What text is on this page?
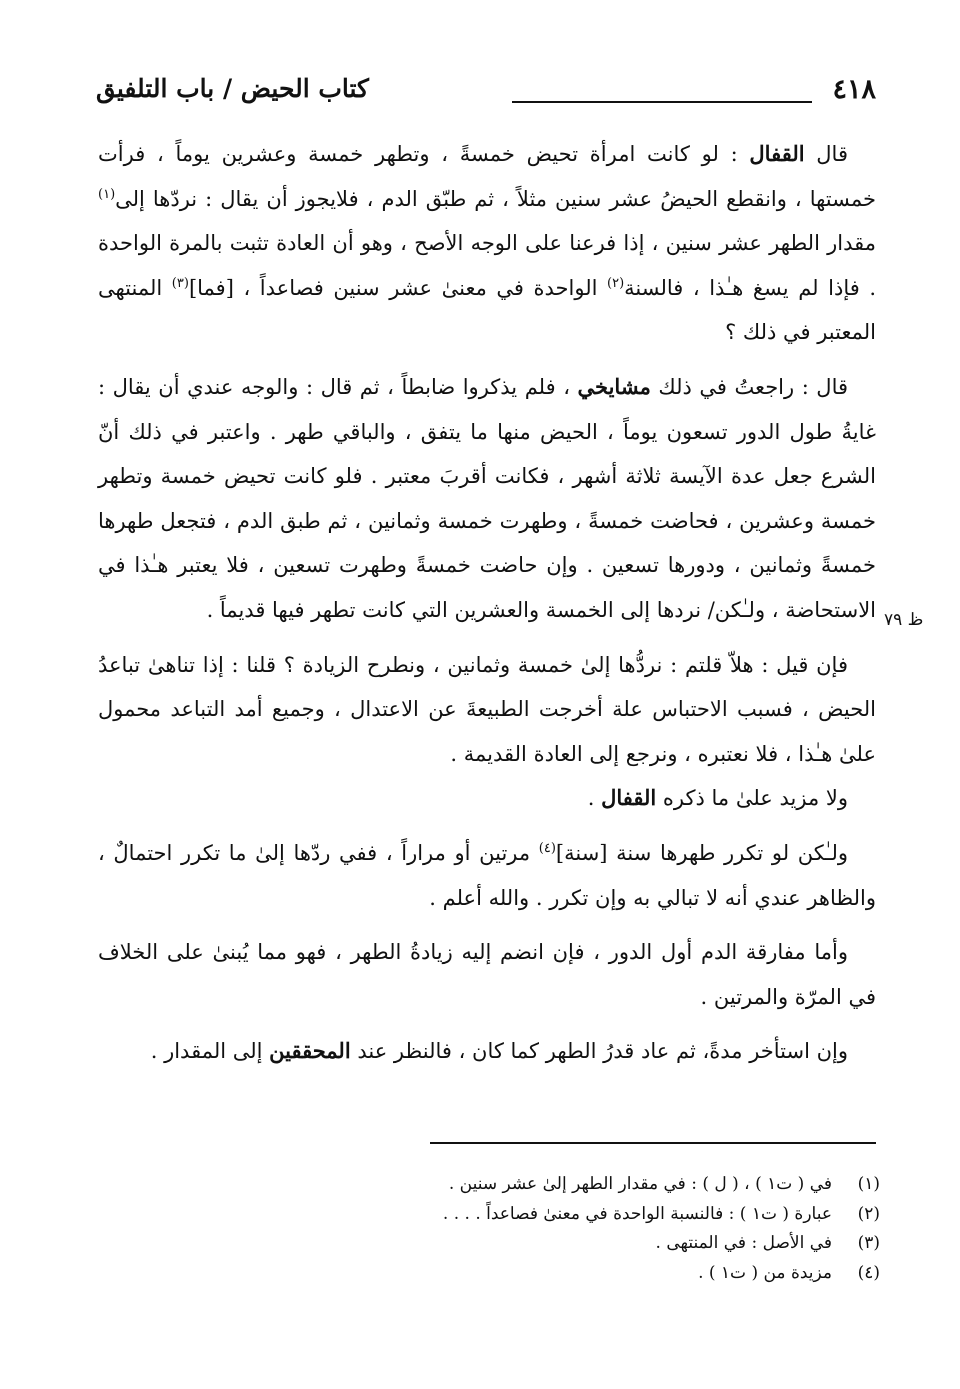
٤١٨
كتاب الحيض / باب التلفيق
ظ ٧٩

قال القفال : لو كانت امرأة تحيض خمسةً ، وتطهر خمسة وعشرين يوماً ، فرأت خمستها ، وانقطع الحيضُ عشر سنين مثلاً ، ثم طبّق الدم ، فلايجوز أن يقال : نردّها إلى$^{(١)}$ مقدار الطهر عشر سنين ، إذا فرعنا على الوجه الأصح ، وهو أن العادة تثبت بالمرة الواحدة . فإذا لم يسغ هـٰذا ، فالسنة$^{(٢)}$ الواحدة في معنىٰ عشر سنين فصاعداً ، [فما]$^{(٣)}$ المنتهى المعتبر في ذلك ؟

قال : راجعتُ في ذلك مشايخي ، فلم يذكروا ضابطاً ، ثم قال : والوجه عندي أن يقال : غايةُ طول الدور تسعون يوماً ، الحيض منها ما يتفق ، والباقي طهر . واعتبر في ذلك أنّ الشرع جعل عدة الآيسة ثلاثة أشهر ، فكانت أقربَ معتبر . فلو كانت تحيض خمسة وتطهر خمسة وعشرين ، فحاضت خمسةً ، وطهرت خمسة وثمانين ، ثم طبق الدم ، فتجعل طهرها خمسةً وثمانين ، ودورها تسعين . وإن حاضت خمسةً وطهرت تسعين ، فلا يعتبر هـٰذا في الاستحاضة ، ولـٰكن/ نردها إلى الخمسة والعشرين التي كانت تطهر فيها قديماً .

فإن قيل : هلاّ قلتم : نردُّها إلىٰ خمسة وثمانين ، ونطرح الزيادة ؟ قلنا : إذا تناهىٰ تباعدُ الحيض ، فسبب الاحتباس علة أخرجت الطبيعةَ عن الاعتدال ، وجميع أمد التباعد محمول علىٰ هـٰذا ، فلا نعتبره ، ونرجع إلى العادة القديمة .

ولا مزيد علىٰ ما ذكره القفال .

ولـٰكن لو تكرر طهرها سنة [سنة]$^{(٤)}$ مرتين أو مراراً ، ففي ردّها إلىٰ ما تكرر احتمالٌ ، والظاهر عندي أنه لا تبالي به وإن تكرر . والله أعلم .

وأما مفارقة الدم أول الدور ، فإن انضم إليه زيادةُ الطهر ، فهو مما يُبنىٰ على الخلاف في المرّة والمرتين .

وإن استأخر مدةً، ثم عاد قدرُ الطهر كما كان ، فالنظر عند المحققين إلى المقدار .

(١)
في ( ت١ ) ، ( ل ) : في مقدار الطهر إلىٰ عشر سنين .
(٢)
عبارة ( ت١ ) : فالنسبة الواحدة في معنىٰ فصاعداً . . . .
(٣)
في الأصل : في المنتهى .
(٤)
مزيدة من ( ت١ ) .
